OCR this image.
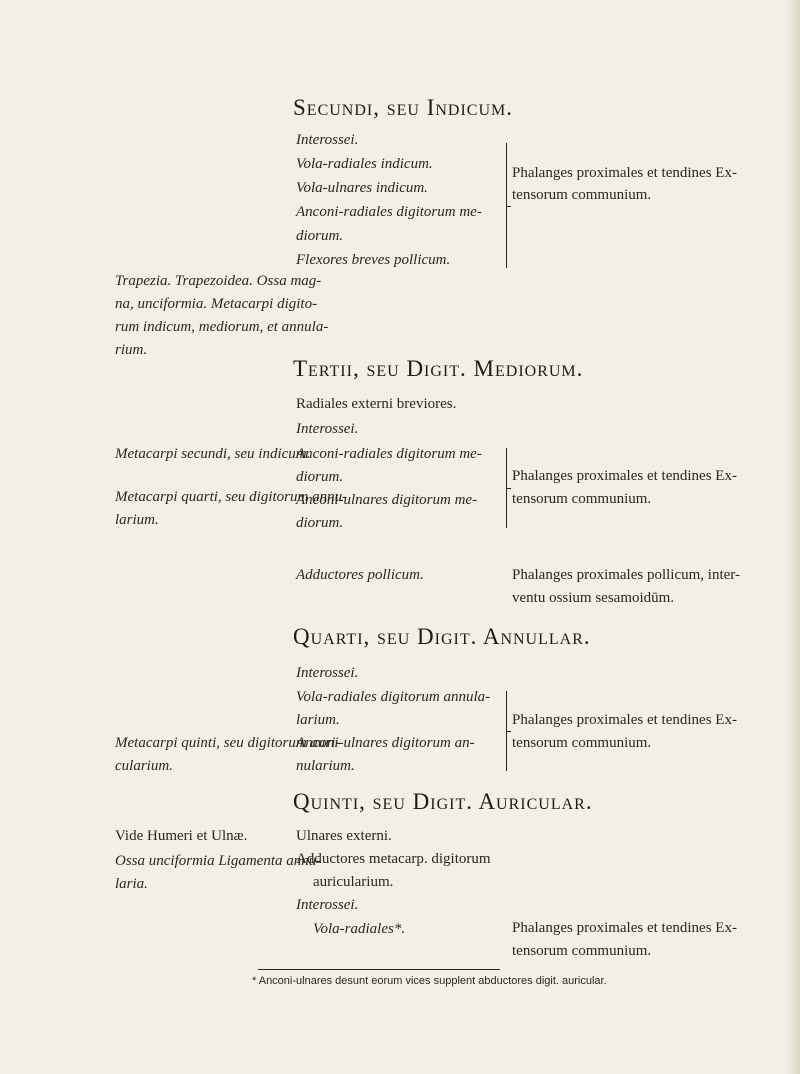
Secundi, seu Indicum.
Interossei.
Vola-radiales indicum.
Vola-ulnares indicum.
Anconi-radiales digitorum me-
diorum.
Flexores breves pollicum.
Phalanges proximales et tendines Ex-
tensorum communium.
Trapezia. Trapezoidea. Ossa mag-
na, unciformia. Metacarpi digito-
rum indicum, mediorum, et annula-
rium.
Tertii, seu Digit. Mediorum.
Radiales externi breviores.
Interossei.
Metacarpi secundi, seu indicum.
Metacarpi quarti, seu digitorum annu-
larium.
Anconi-radiales digitorum me-
diorum.
Anconi-ulnares digitorum me-
diorum.
Phalanges proximales et tendines Ex-
tensorum communium.
Adductores pollicum.	Phalanges proximales pollicum, inter-
ventu ossium sesamoidūm.
Quarti, seu Digit. Annullar.
Interossei.
Vola-radiales digitorum annula-
larium.
Anconi-ulnares digitorum an-
nularium.
Phalanges proximales et tendines Ex-
tensorum communium.
Metacarpi quinti, seu digitorum auri-
cularium.
Quinti, seu Digit. Auricular.
Vide Humeri et Ulnæ.
Ossa unciformia Ligamenta annu-
laria.
Ulnares externi.
Adductores metacarp. digitorum
auricularium.
Interossei.
Vola-radiales*.	Phalanges proximales et tendines Ex-
tensorum communium.
* Anconi-ulnares desunt eorum vices supplent abductores digit. auricular.
